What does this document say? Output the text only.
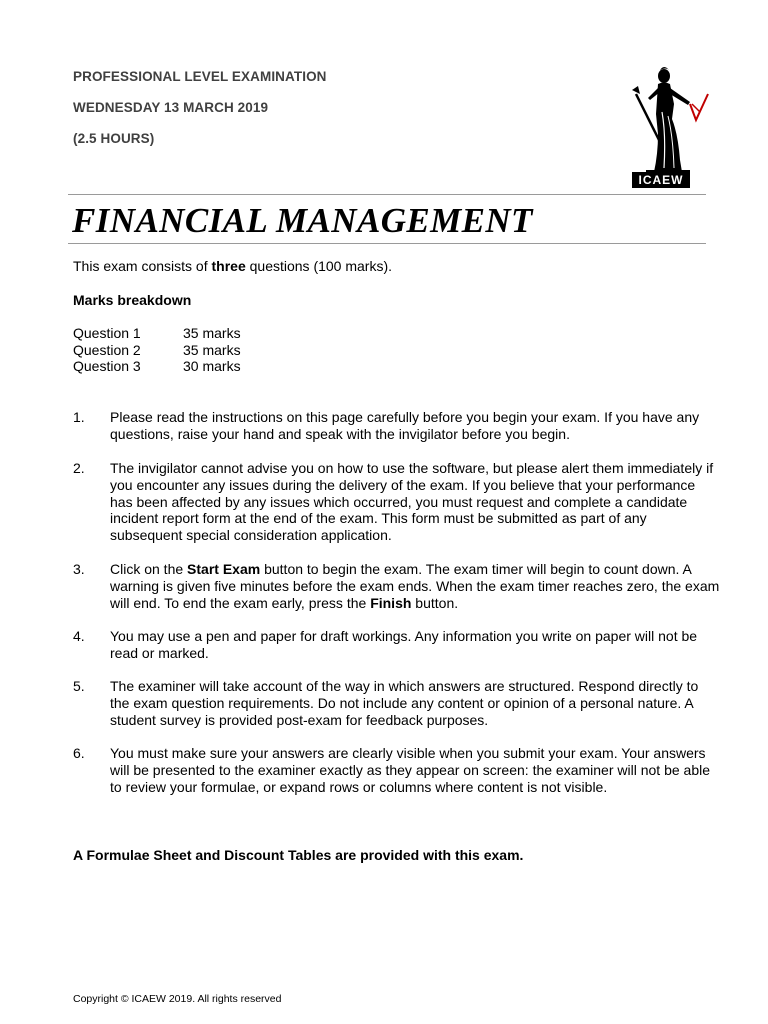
PROFESSIONAL LEVEL EXAMINATION
WEDNESDAY 13 MARCH 2019
(2.5 HOURS)
ICAEW
FINANCIAL MANAGEMENT
This exam consists of three questions (100 marks).
Marks breakdown
Question 1	35 marks
Question 2	35 marks
Question 3	30 marks
1. Please read the instructions on this page carefully before you begin your exam. If you have any questions, raise your hand and speak with the invigilator before you begin.
2. The invigilator cannot advise you on how to use the software, but please alert them immediately if you encounter any issues during the delivery of the exam. If you believe that your performance has been affected by any issues which occurred, you must request and complete a candidate incident report form at the end of the exam. This form must be submitted as part of any subsequent special consideration application.
3. Click on the Start Exam button to begin the exam. The exam timer will begin to count down. A warning is given five minutes before the exam ends. When the exam timer reaches zero, the exam will end. To end the exam early, press the Finish button.
4. You may use a pen and paper for draft workings. Any information you write on paper will not be read or marked.
5. The examiner will take account of the way in which answers are structured. Respond directly to the exam question requirements. Do not include any content or opinion of a personal nature. A student survey is provided post-exam for feedback purposes.
6. You must make sure your answers are clearly visible when you submit your exam. Your answers will be presented to the examiner exactly as they appear on screen: the examiner will not be able to review your formulae, or expand rows or columns where content is not visible.
A Formulae Sheet and Discount Tables are provided with this exam.
Copyright © ICAEW 2019. All rights reserved
